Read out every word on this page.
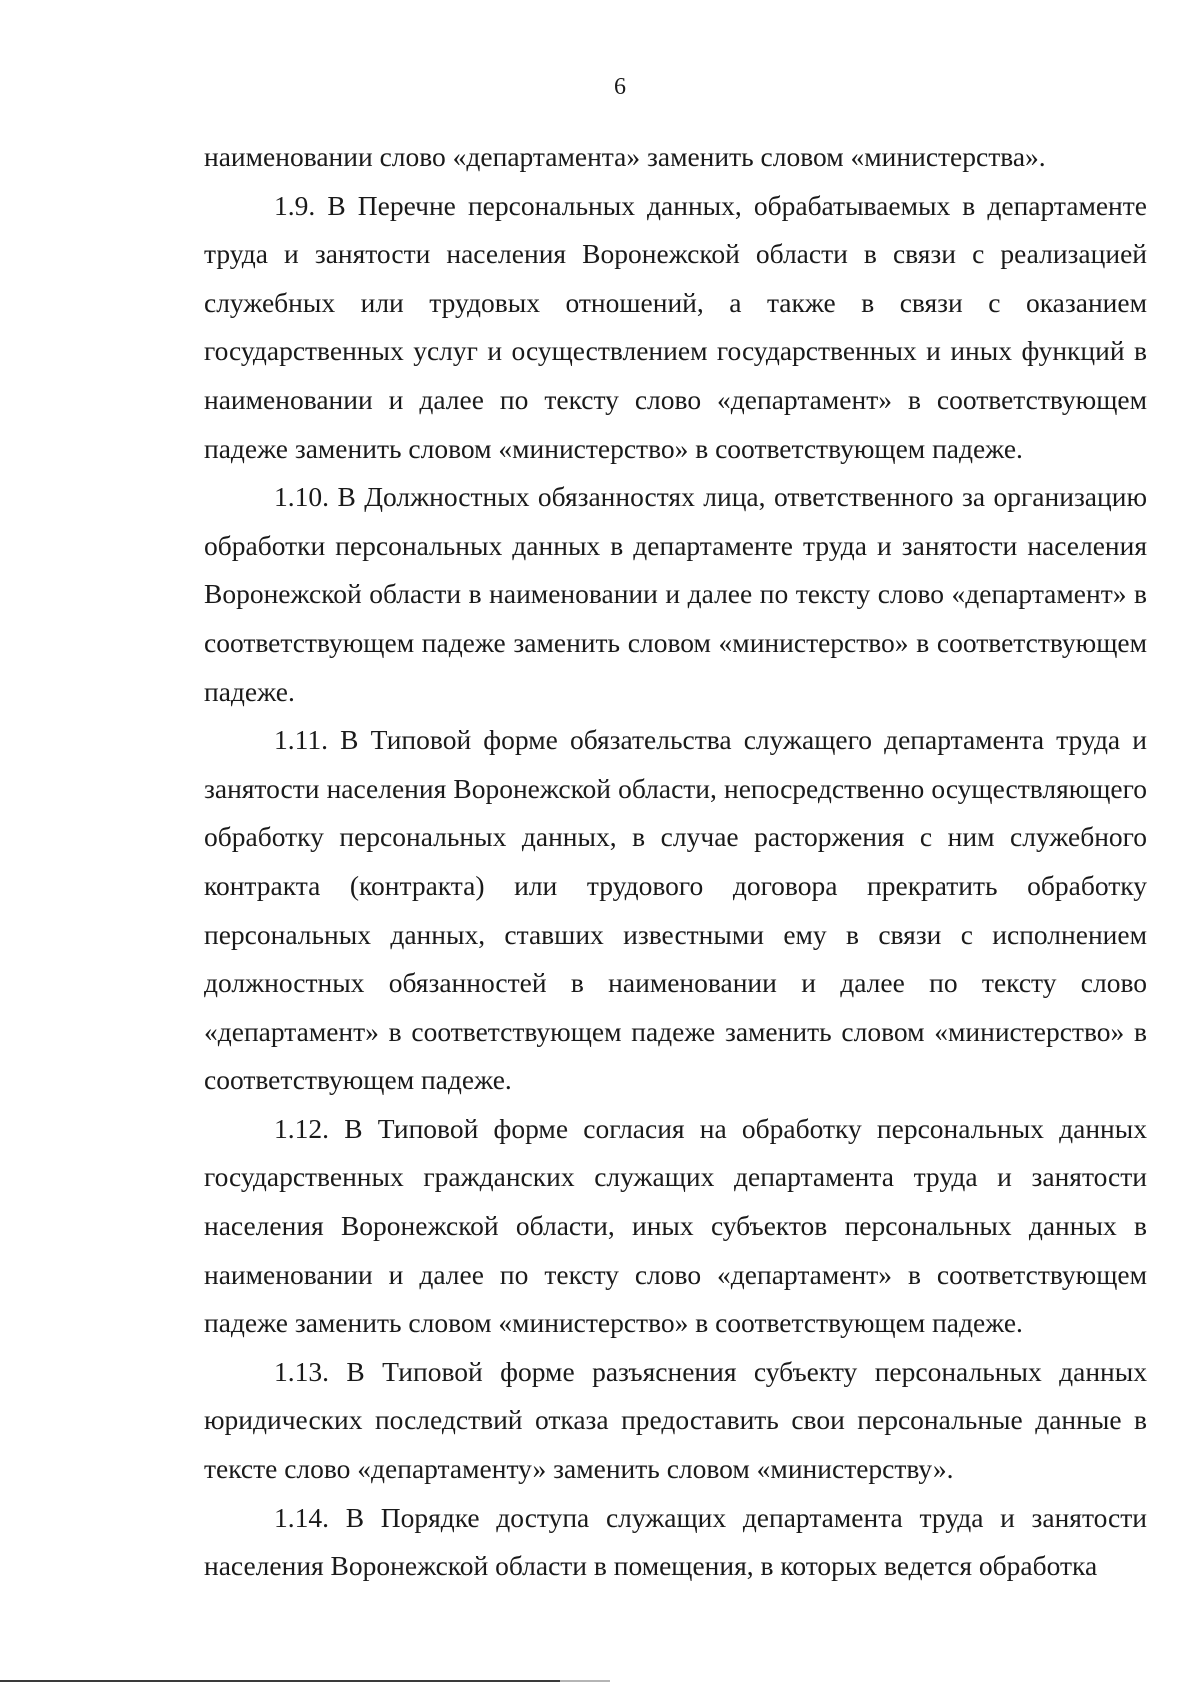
6

наименовании слово «департамента» заменить словом «министерства».

1.9. В Перечне персональных данных, обрабатываемых в департаменте труда и занятости населения Воронежской области в связи с реализацией служебных или трудовых отношений, а также в связи с оказанием государственных услуг и осуществлением государственных и иных функций в наименовании и далее по тексту слово «департамент» в соответствующем падеже заменить словом «министерство» в соответствующем падеже.

1.10. В Должностных обязанностях лица, ответственного за организацию обработки персональных данных в департаменте труда и занятости населения Воронежской области в наименовании и далее по тексту слово «департамент» в соответствующем падеже заменить словом «министерство» в соответствующем падеже.

1.11. В Типовой форме обязательства служащего департамента труда и занятости населения Воронежской области, непосредственно осуществляющего обработку персональных данных, в случае расторжения с ним служебного контракта (контракта) или трудового договора прекратить обработку персональных данных, ставших известными ему в связи с исполнением должностных обязанностей в наименовании и далее по тексту слово «департамент» в соответствующем падеже заменить словом «министерство» в соответствующем падеже.

1.12. В Типовой форме согласия на обработку персональных данных государственных гражданских служащих департамента труда и занятости населения Воронежской области, иных субъектов персональных данных в наименовании и далее по тексту слово «департамент» в соответствующем падеже заменить словом «министерство» в соответствующем падеже.

1.13. В Типовой форме разъяснения субъекту персональных данных юридических последствий отказа предоставить свои персональные данные в тексте слово «департаменту» заменить словом «министерству».

1.14. В Порядке доступа служащих департамента труда и занятости населения Воронежской области в помещения, в которых ведется обработка
